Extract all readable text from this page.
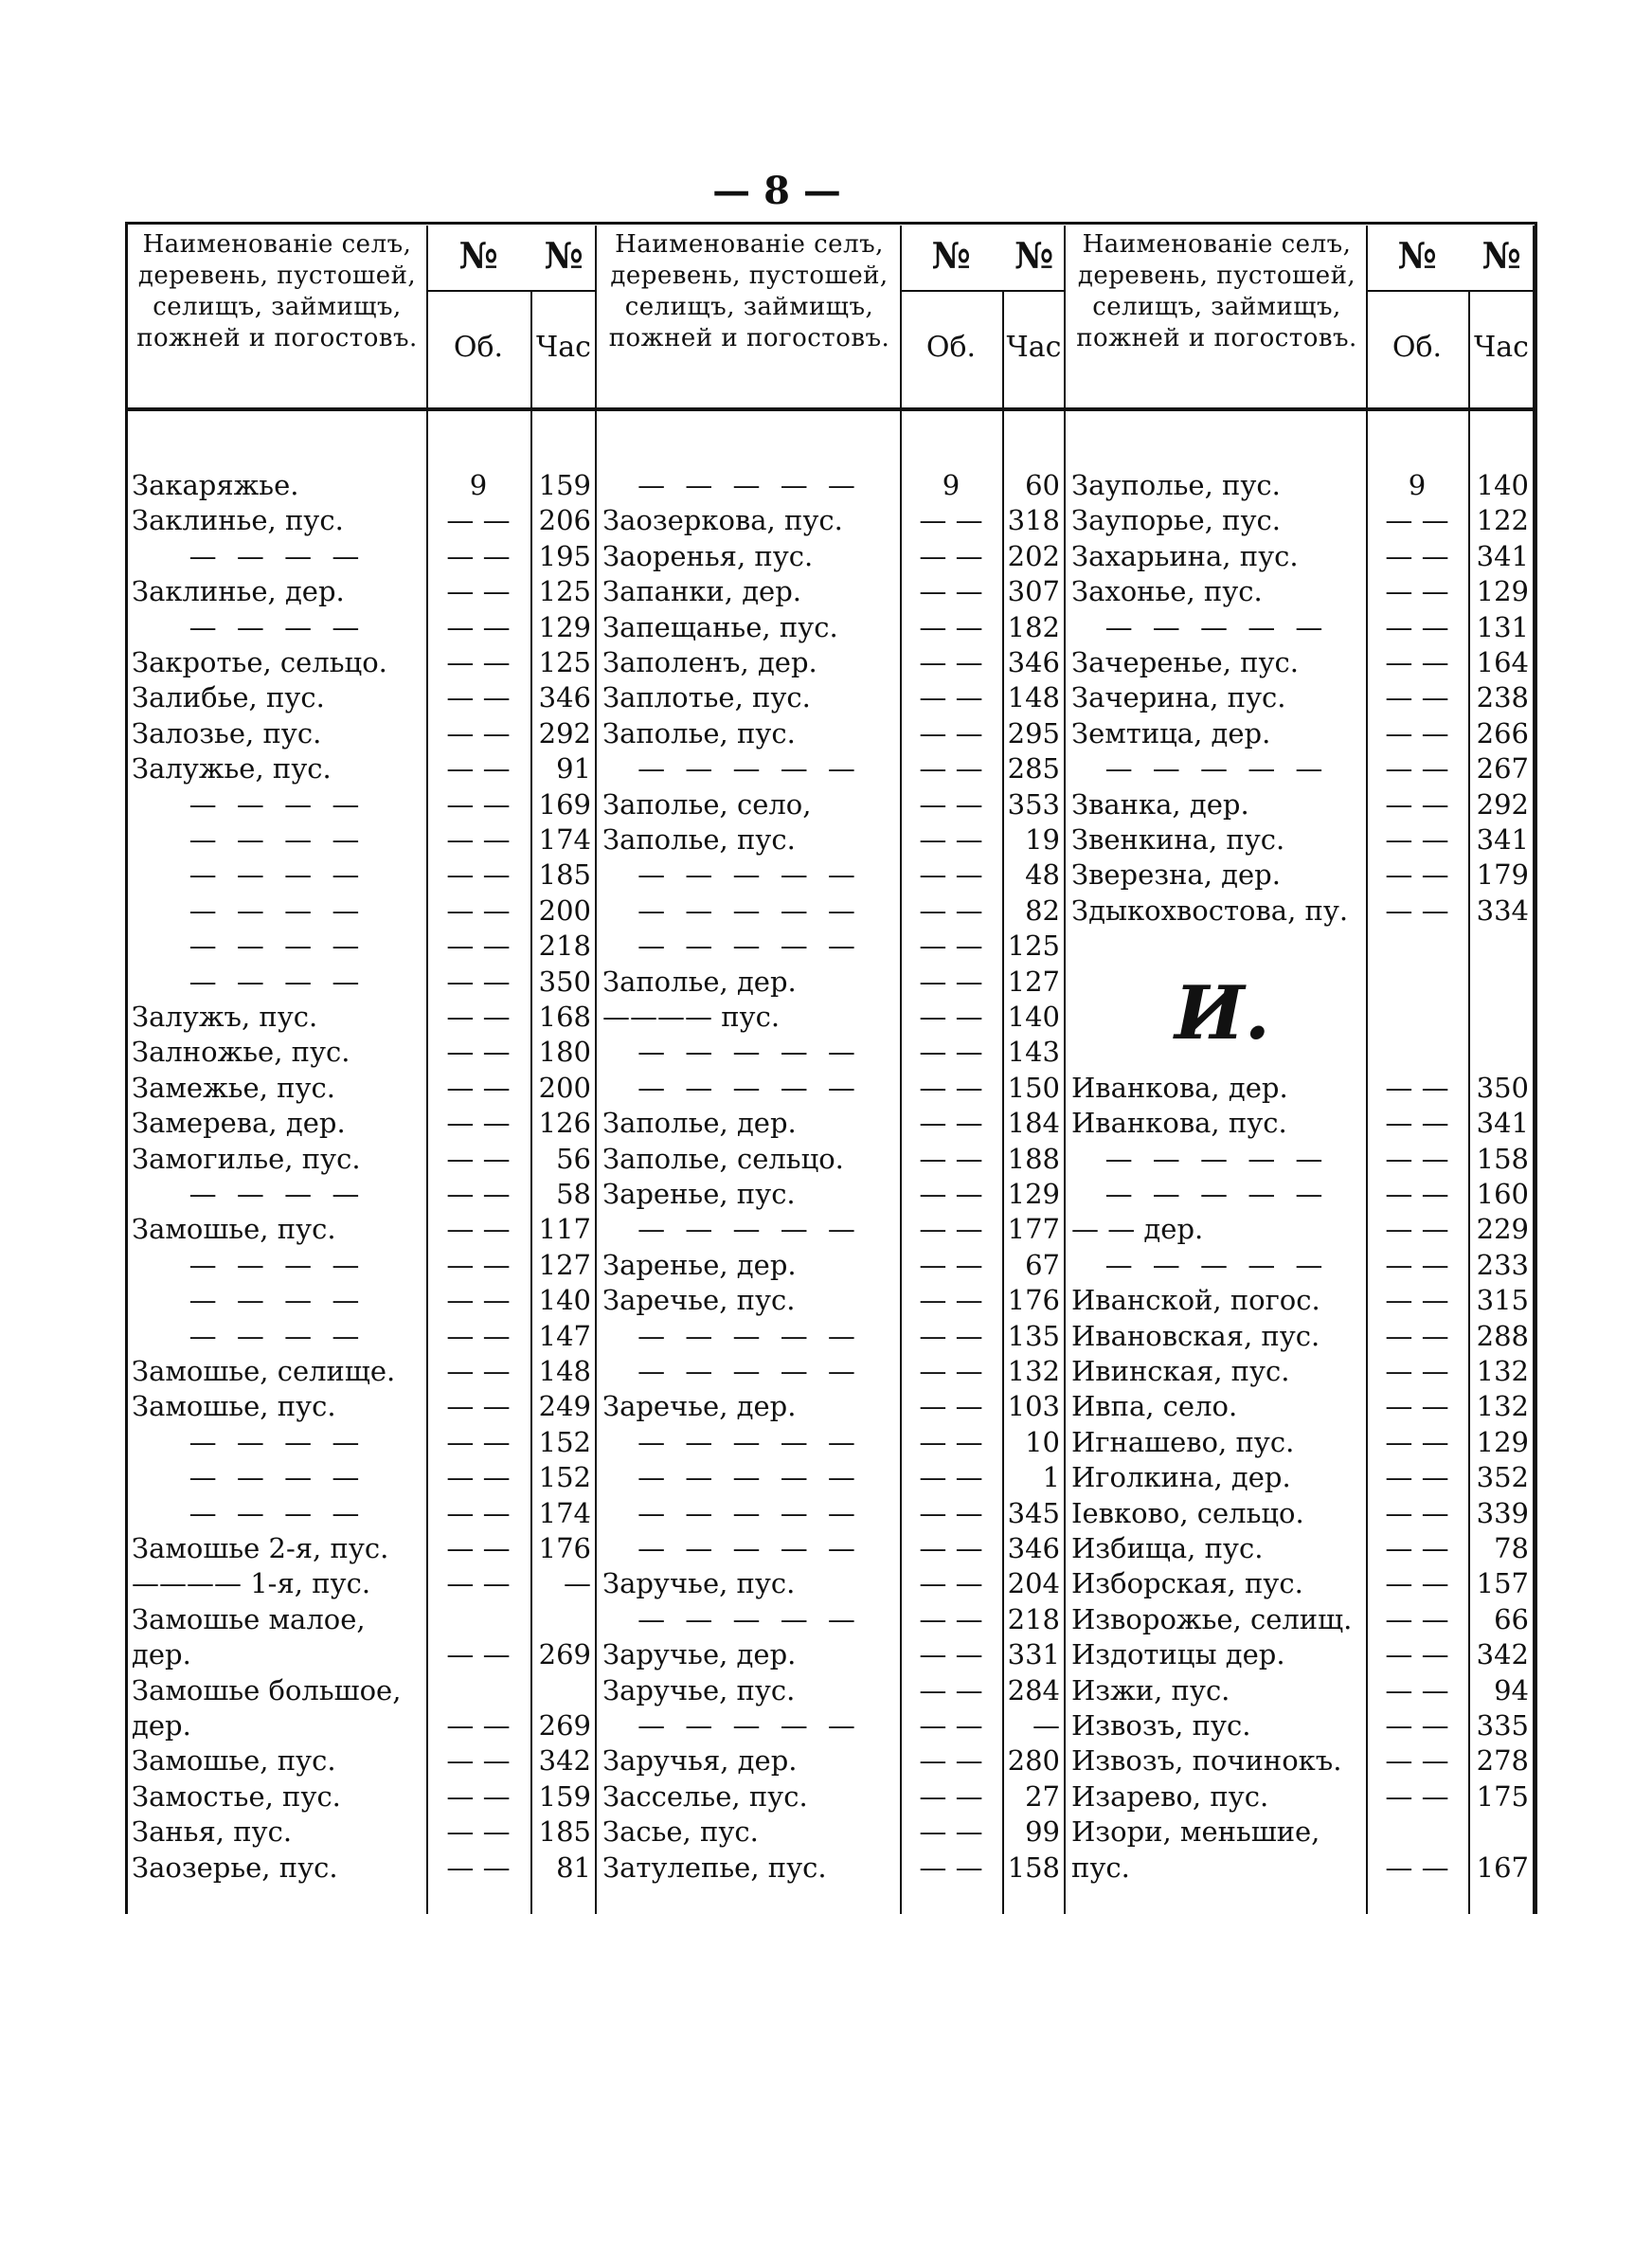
— 8 —
Наименованіе селъ, деревень, пустошей, селищъ, займищъ, пожней и погостовъ.
№	№
Об.	Час
Закаряжье.	9	159
Заклинье, пус.	— —	206
— — — —	— —	195
Заклинье, дер.	— —	125
— — — —	— —	129
Закротье, сельцо.	— —	125
Залибье, пус.	— —	346
Залозье, пус.	— —	292
Залужье, пус.	— —	91
— — — —	— —	169
— — — —	— —	174
— — — —	— —	185
— — — —	— —	200
— — — —	— —	218
— — — —	— —	350
Залужъ, пус.	— —	168
Залножье, пус.	— —	180
Замежье, пус.	— —	200
Замерева, дер.	— —	126
Замогилье, пус.	— —	56
— — — —	— —	58
Замошье, пус.	— —	117
— — — —	— —	127
— — — —	— —	140
— — — —	— —	147
Замошье, селище.	— —	148
Замошье, пус.	— —	249
— — — —	— —	152
— — — —	— —	152
— — — —	— —	174
Замошье 2-я, пус.	— —	176
———— 1-я, пус.	— —	—
Замошье малое,
дер.	— —	269
Замошье большое,
дер.	— —	269
Замошье, пус.	— —	342
Замостье, пус.	— —	159
Занья, пус.	— —	185
Заозерье, пус.	— —	81
Наименованіе селъ, деревень, пустошей, селищъ, займищъ, пожней и погостовъ.
№	№
Об.	Час
— — — — —	9	60
Заозеркова, пус.	— — 318
Заоренья, пус.	— — 202
Запанки, дер.	— — 307
Запещанье, пус.	— — 182
Заполенъ, дер.	— — 346
Заплотье, пус.	— — 148
Заполье, пус.	— — 295
— — — — —	— — 285
Заполье, село,	— — 353
Заполье, пус.	— —	19
— — — — —	— —	48
— — — — —	— —	82
— — — — —	— — 125
Заполье, дер.	— — 127
———— пус.	— — 140
— — — — —	— — 143
— — — — —	— — 150
Заполье, дер.	— — 184
Заполье, сельцо.	— — 188
Заренье, пус.	— — 129
— — — — —	— — 177
Заренье, дер.	— —	67
Заречье, пус.	— — 176
— — — — —	— — 135
— — — — —	— — 132
Заречье, дер.	— — 103
— — — — —	— —	10
— — — — —	— —	1
— — — — —	— — 345
— — — — —	— — 346
Заручье, пус.	— — 204
— — — — —	— — 218
Заручье, дер.	— — 331
Заручье, пус.	— — 284
— — — — —	— —	—
Заручья, дер.	— — 280
Засселье, пус.	— —	27
Засье, пус.	— —	99
Затулепье, пус.	— — 158
Наименованіе селъ, деревень, пустошей, селищъ, займищъ, пожней и погостовъ.
№	№
Об.	Час
Зауполье, пус.	9	140
Заупорье, пус.	— —	122
Захарьина, пус.	— —	341
Захонье, пус.	— —	129
— — — — —	— —	131
Зачеренье, пус.	— —	164
Зачерина, пус.	— —	238
Земтица, дер.	— —	266
— — — — —	— —	267
Званка, дер.	— —	292
Звенкина, пус.	— —	341
Зверезна, дер.	— —	179
Здыкохвостова, пу.	— —	334
Иванкова, дер.	— —	350
Иванкова, пус.	— —	341
— — — — —	— —	158
— — — — —	— —	160
— — дер.	— —	229
— — — — —	— —	233
Иванской, погос.	— —	315
Ивановская, пус.	— —	288
Ивинская, пус.	— —	132
Ивпа, село.	— —	132
Игнашево, пус.	— —	129
Иголкина, дер.	— —	352
Іевково, сельцо.	— —	339
Избища, пус.	— —	78
Изборская, пус.	— —	157
Изворожье, селищ.	— —	66
Издотицы дер.	— —	342
Изжи, пус.	— —	94
Извозъ, пус.	— —	335
Извозъ, починокъ.	— —	278
Изарево, пус.	— —	175
Изори, меньшие,
пус.	— —	167
И.
